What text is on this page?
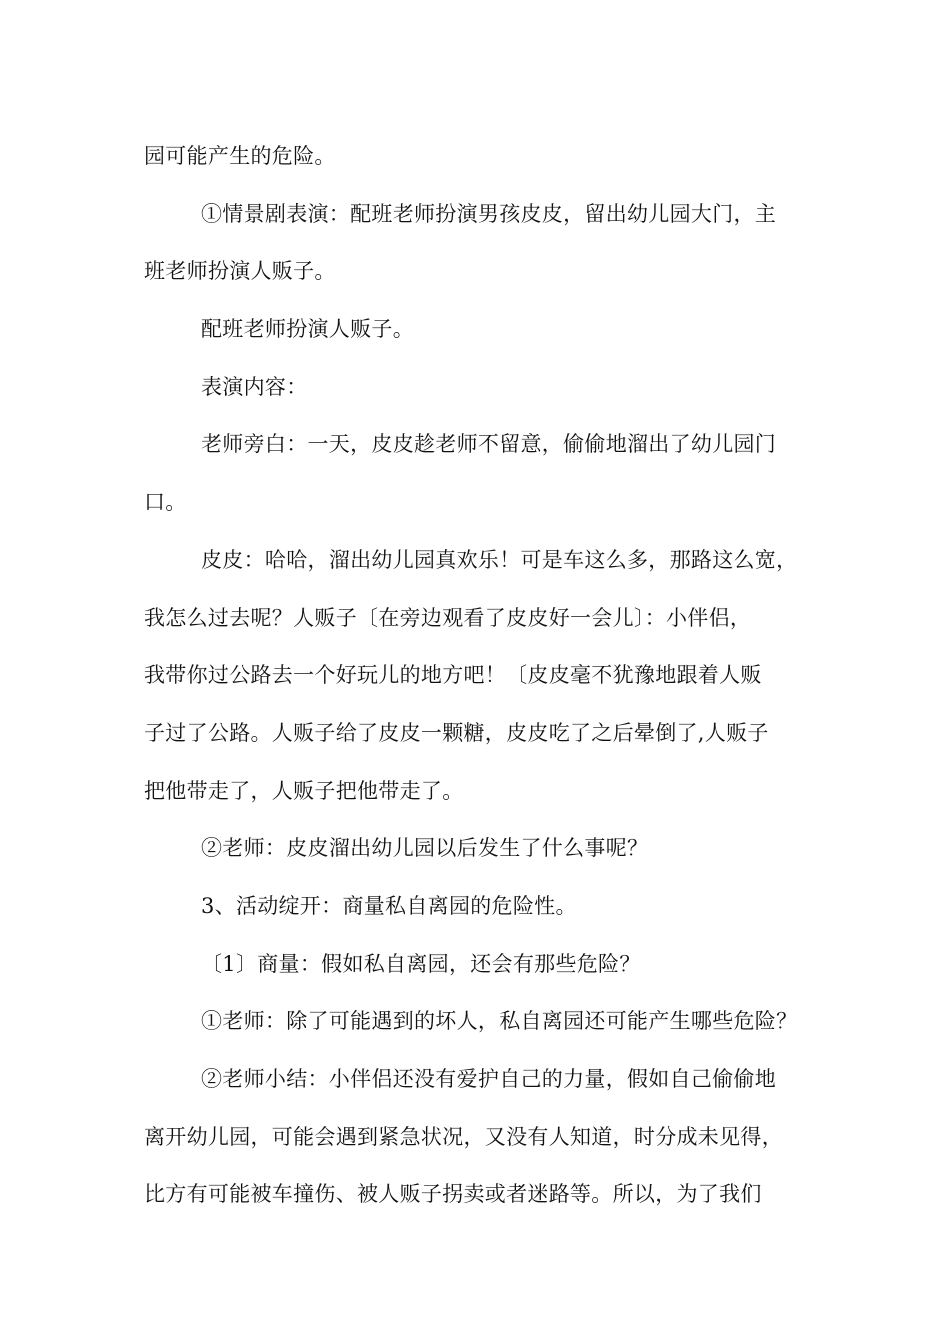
园可能产生的危险。
①情景剧表演：配班老师扮演男孩皮皮，留出幼儿园大门，主
班老师扮演人贩子。
配班老师扮演人贩子。
表演内容：
老师旁白：一天，皮皮趁老师不留意，偷偷地溜出了幼儿园门
口。
皮皮：哈哈，溜出幼儿园真欢乐！可是车这么多，那路这么宽，
我怎么过去呢？人贩子〔在旁边观看了皮皮好一会儿〕：小伴侣，
我带你过公路去一个好玩儿的地方吧！〔皮皮毫不犹豫地跟着人贩
子过了公路。人贩子给了皮皮一颗糖，皮皮吃了之后晕倒了,人贩子
把他带走了，人贩子把他带走了。
②老师：皮皮溜出幼儿园以后发生了什么事呢？
3、活动绽开：商量私自离园的危险性。
〔1〕商量：假如私自离园，还会有那些危险？
①老师：除了可能遇到的坏人，私自离园还可能产生哪些危险？
②老师小结：小伴侣还没有爱护自己的力量，假如自己偷偷地
离开幼儿园，可能会遇到紧急状况，又没有人知道，时分成未见得，
比方有可能被车撞伤、被人贩子拐卖或者迷路等。所以，为了我们
